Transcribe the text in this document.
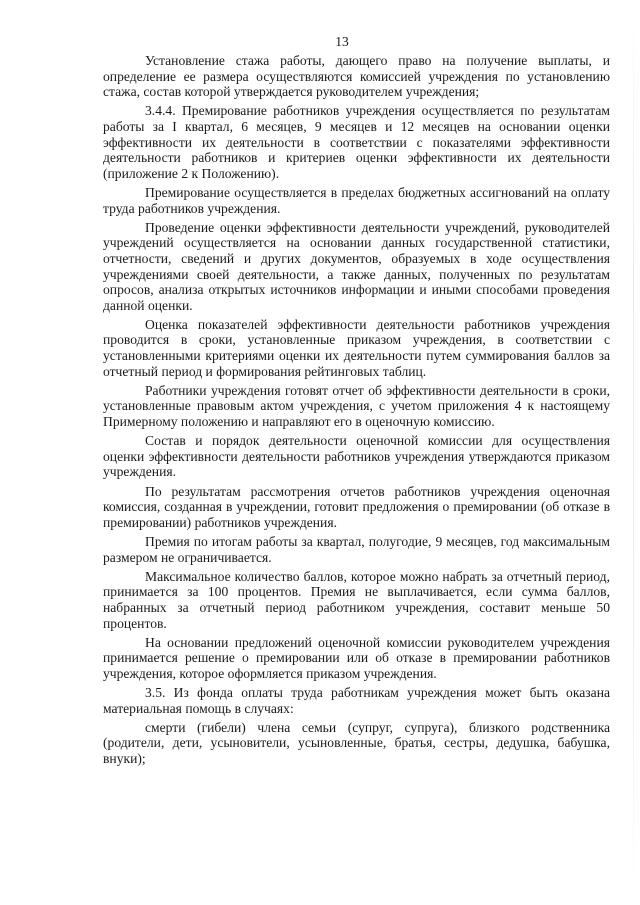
13

Установление стажа работы, дающего право на получение выплаты, и определение ее размера осуществляются комиссией учреждения по установлению стажа, состав которой утверждается руководителем учреждения;

3.4.4. Премирование работников учреждения осуществляется по результатам работы за I квартал, 6 месяцев, 9 месяцев и 12 месяцев на основании оценки эффективности их деятельности в соответствии с показателями эффективности деятельности работников и критериев оценки эффективности их деятельности (приложение 2 к Положению).

Премирование осуществляется в пределах бюджетных ассигнований на оплату труда работников учреждения.

Проведение оценки эффективности деятельности учреждений, руководителей учреждений осуществляется на основании данных государственной статистики, отчетности, сведений и других документов, образуемых в ходе осуществления учреждениями своей деятельности, а также данных, полученных по результатам опросов, анализа открытых источников информации и иными способами проведения данной оценки.

Оценка показателей эффективности деятельности работников учреждения проводится в сроки, установленные приказом учреждения, в соответствии с установленными критериями оценки их деятельности путем суммирования баллов за отчетный период и формирования рейтинговых таблиц.

Работники учреждения готовят отчет об эффективности деятельности в сроки, установленные правовым актом учреждения, с учетом приложения 4 к настоящему Примерному положению и направляют его в оценочную комиссию.

Состав и порядок деятельности оценочной комиссии для осуществления оценки эффективности деятельности работников учреждения утверждаются приказом учреждения.

По результатам рассмотрения отчетов работников учреждения оценочная комиссия, созданная в учреждении, готовит предложения о премировании (об отказе в премировании) работников учреждения.

Премия по итогам работы за квартал, полугодие, 9 месяцев, год максимальным размером не ограничивается.

Максимальное количество баллов, которое можно набрать за отчетный период, принимается за 100 процентов. Премия не выплачивается, если сумма баллов, набранных за отчетный период работником учреждения, составит меньше 50 процентов.

На основании предложений оценочной комиссии руководителем учреждения принимается решение о премировании или об отказе в премировании работников учреждения, которое оформляется приказом учреждения.

3.5. Из фонда оплаты труда работникам учреждения может быть оказана материальная помощь в случаях:

смерти (гибели) члена семьи (супруг, супруга), близкого родственника (родители, дети, усыновители, усыновленные, братья, сестры, дедушка, бабушка, внуки);
